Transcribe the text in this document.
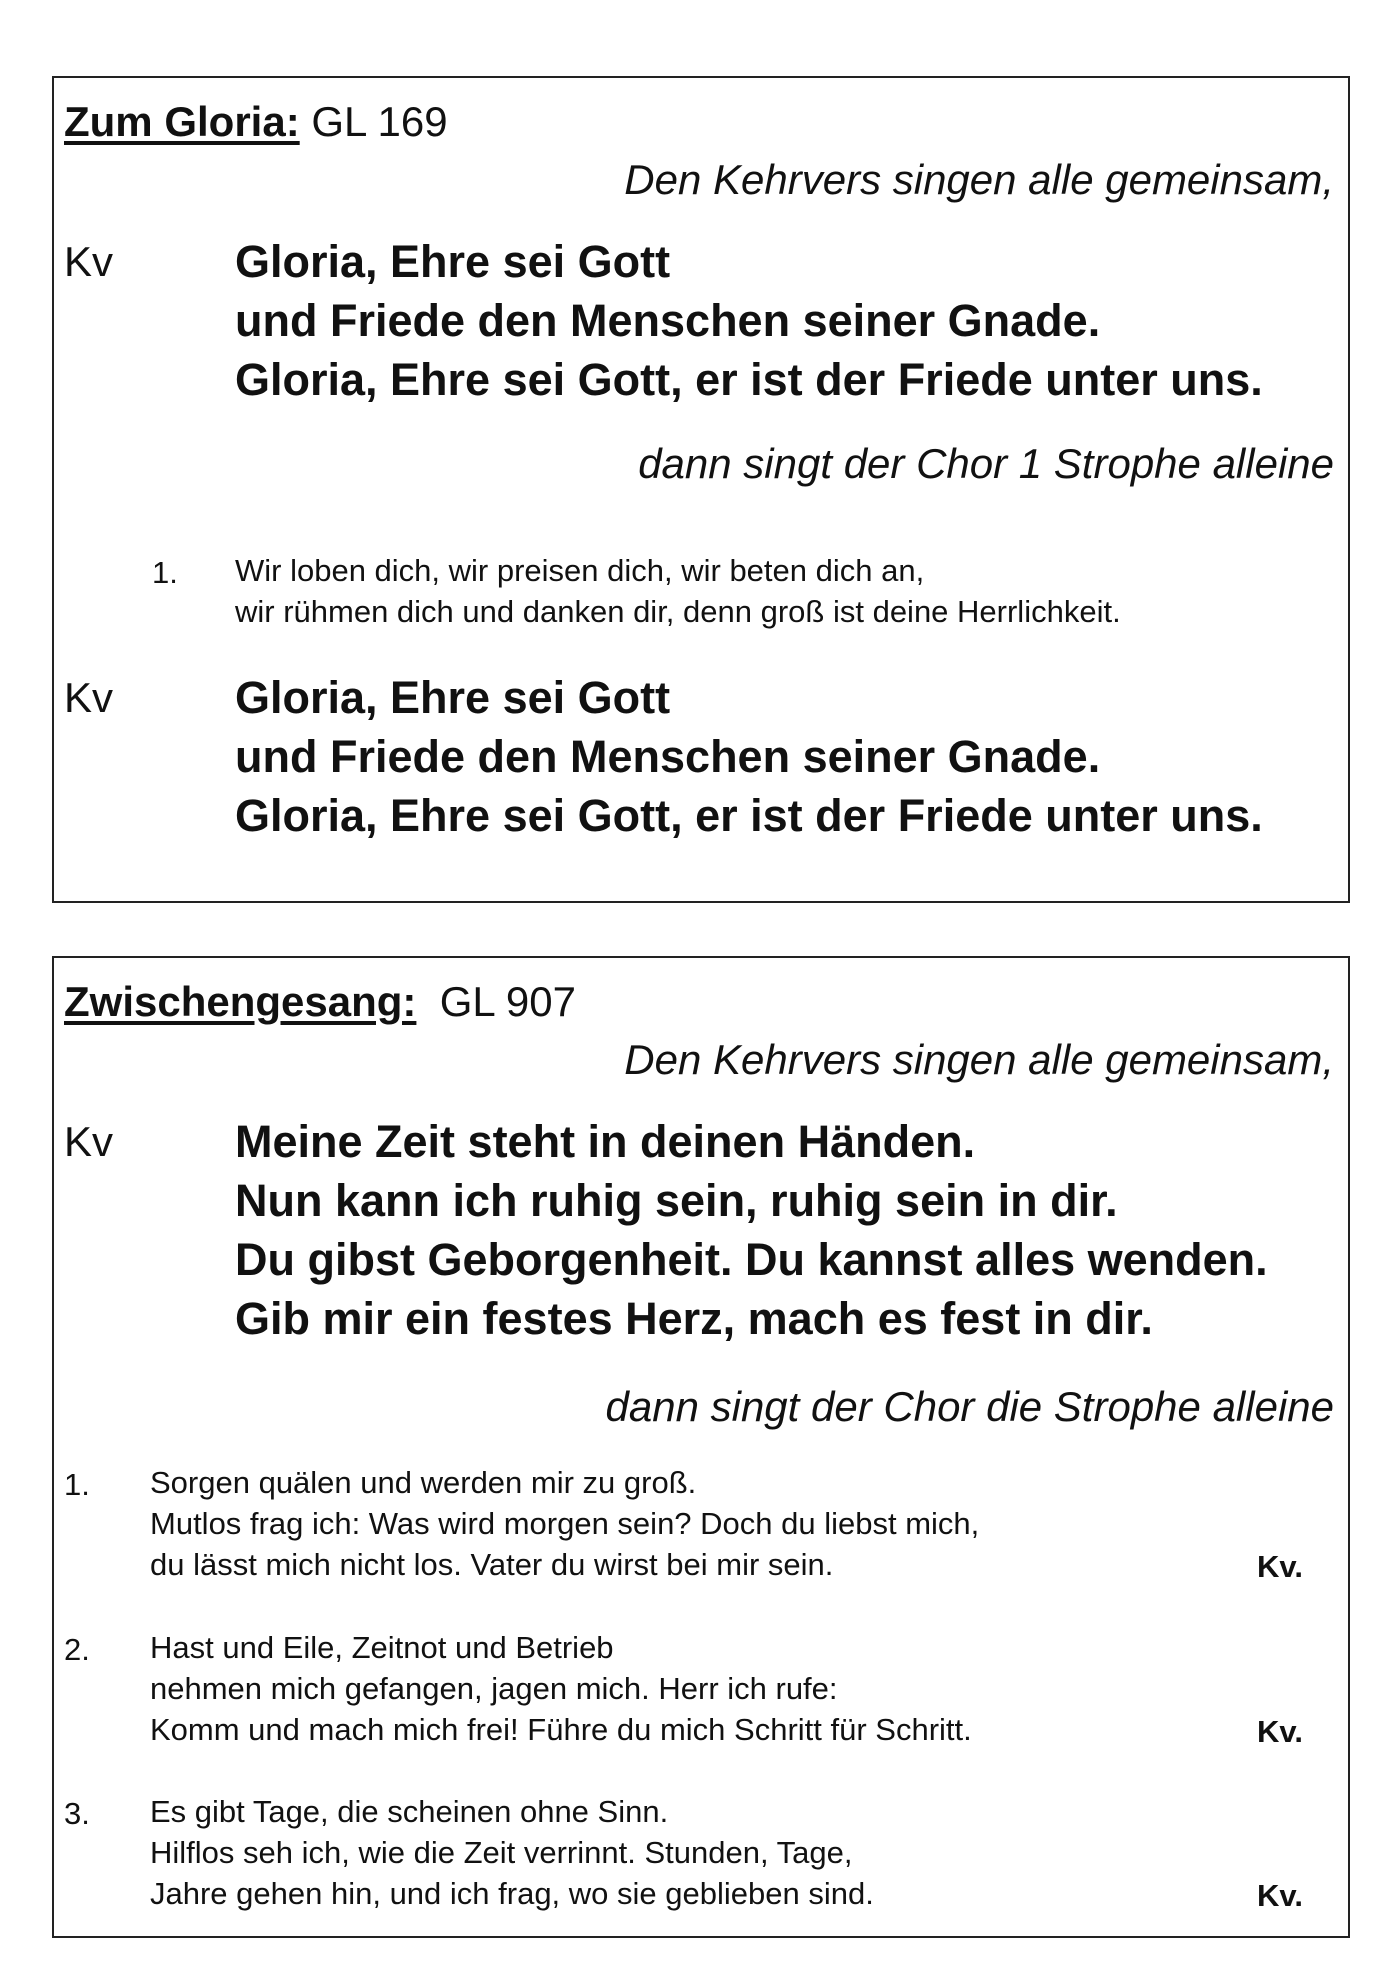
Zum Gloria: GL 169
Den Kehrvers singen alle gemeinsam,
Kv	Gloria, Ehre sei Gott
und Friede den Menschen seiner Gnade.
Gloria, Ehre sei Gott, er ist der Friede unter uns.
dann singt der Chor 1 Strophe alleine
1. Wir loben dich, wir preisen dich, wir beten dich an,
wir rühmen dich und danken dir, denn groß ist deine Herrlichkeit.
Kv	Gloria, Ehre sei Gott
und Friede den Menschen seiner Gnade.
Gloria, Ehre sei Gott, er ist der Friede unter uns.
Zwischengesang: GL 907
Den Kehrvers singen alle gemeinsam,
Kv	Meine Zeit steht in deinen Händen.
Nun kann ich ruhig sein, ruhig sein in dir.
Du gibst Geborgenheit. Du kannst alles wenden.
Gib mir ein festes Herz, mach es fest in dir.
dann singt der Chor die Strophe alleine
1. Sorgen quälen und werden mir zu groß.
Mutlos frag ich: Was wird morgen sein? Doch du liebst mich,
du lässt mich nicht los. Vater du wirst bei mir sein.	Kv.
2. Hast und Eile, Zeitnot und Betrieb
nehmen mich gefangen, jagen mich. Herr ich rufe:
Komm und mach mich frei! Führe du mich Schritt für Schritt.	Kv.
3. Es gibt Tage, die scheinen ohne Sinn.
Hilflos seh ich, wie die Zeit verrinnt. Stunden, Tage,
Jahre gehen hin, und ich frag, wo sie geblieben sind.	Kv.
